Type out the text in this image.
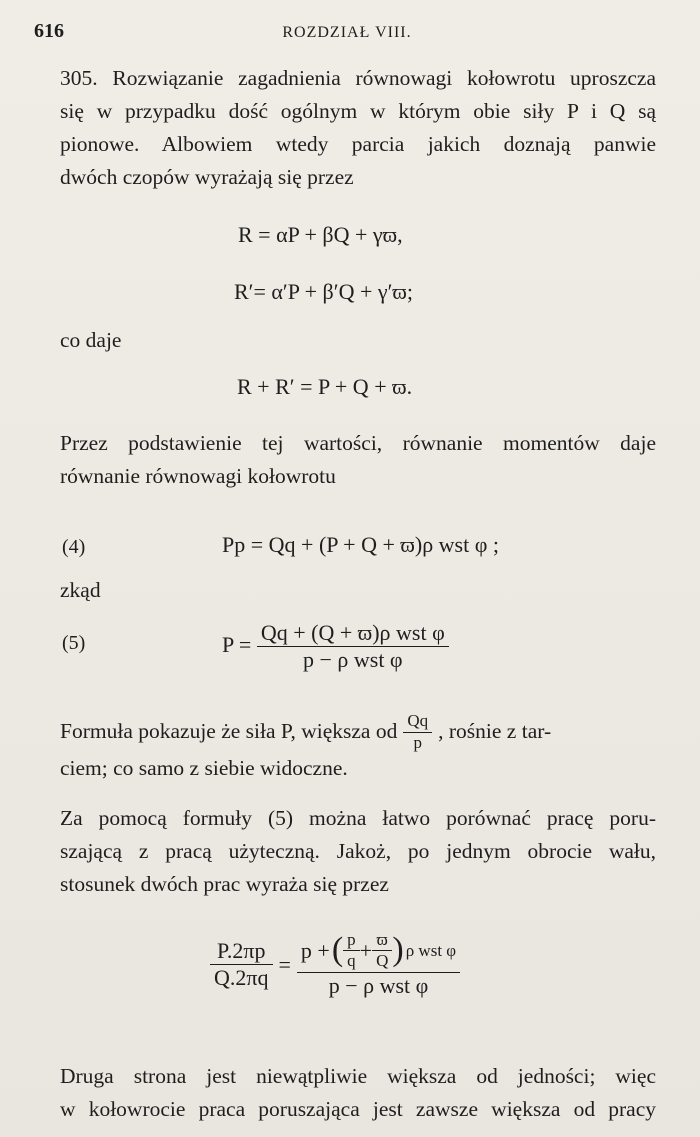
616	ROZDZIAŁ VIII.
305. Rozwiązanie zagadnienia równowagi kołowrotu uproszcza
się w przypadku dość ogólnym w którym obie siły P i Q są
pionowe. Albowiem wtedy parcia jakich doznają panwie
dwóch czopów wyrażają się przez
R = αP + βQ + γϖ,
R′= α′P + β′Q + γ′ϖ;
co daje
R + R′ = P + Q + ϖ.
Przez podstawienie tej wartości, równanie momentów daje
równanie równowagi kołowrotu
(4)	Pp = Qq + (P + Q + ϖ)ρ wst φ ;
zkąd
(5)	$P = \frac{\text{Qq + (Q + ϖ)ρ wst φ}}{\text{p − ρ wst φ}}$
Formuła pokazuje że siła P, większa od $\frac{Qq}{p}$ , rośnie z tar-
ciem; co samo z siebie widoczne.
Za pomocą formuły (5) można łatwo porównać pracę poru-
szającą z pracą użyteczną. Jakoż, po jednym obrocie wału,
stosunek dwóch prac wyraża się przez
$\frac{P.2\pi p}{Q.2\pi q}$ =
p + ( $\frac{p}{q} + \frac{ϖ}{Q}$ ) ρ wst φ
p − ρ wst φ
Druga strona jest niewątpliwie większa od jedności; więc
w kołowrocie praca poruszająca jest zawsze większa od pracy
